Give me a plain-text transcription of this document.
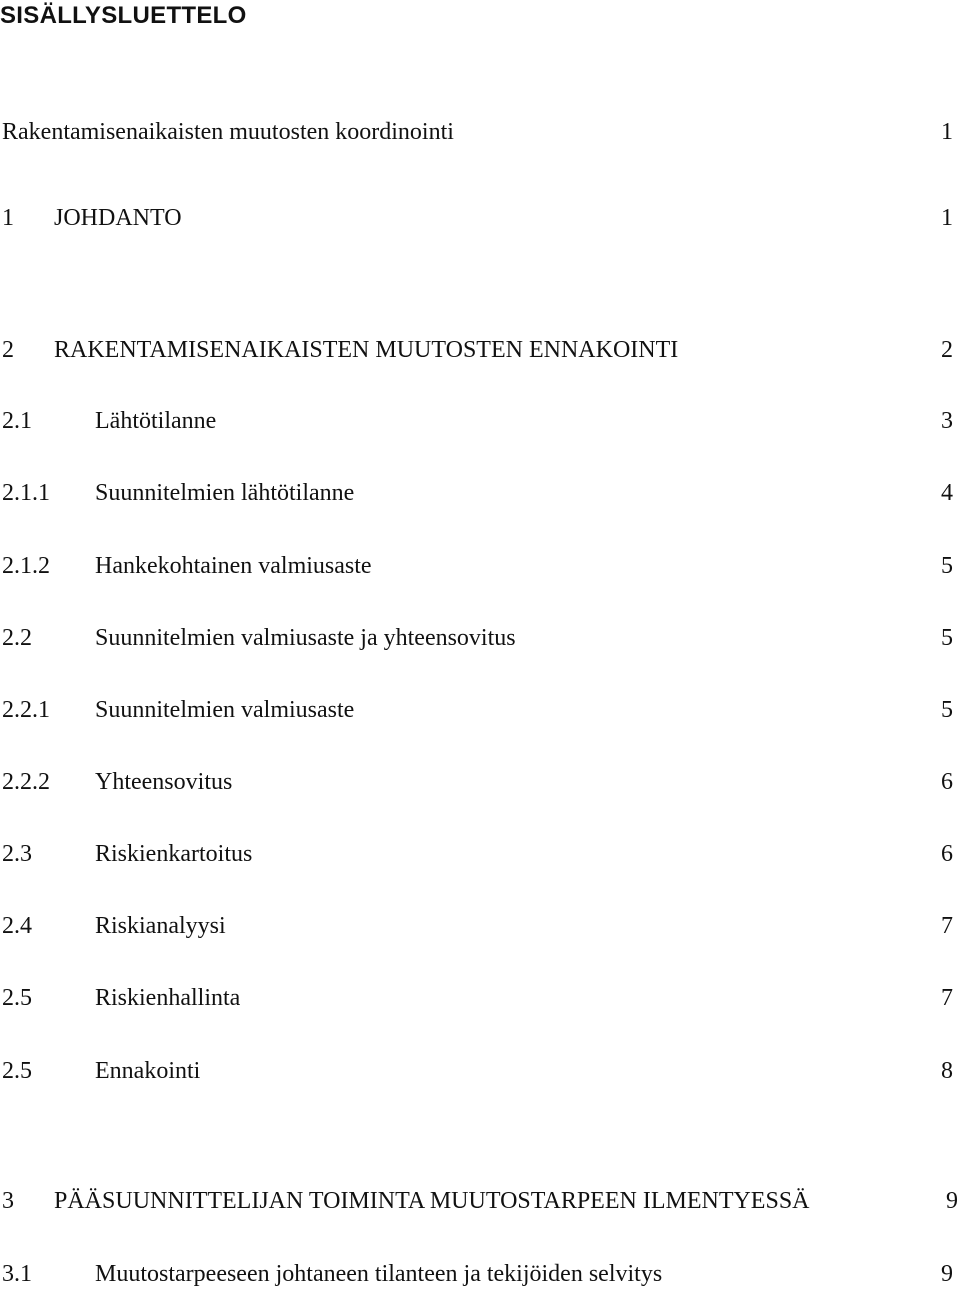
SISÄLLYSLUETTELO
Rakentamisenaikaisten muutosten koordinointi	1
1 JOHDANTO	1
2 RAKENTAMISENAIKAISTEN MUUTOSTEN ENNAKOINTI	2
2.1	Lähtötilanne	3
2.1.1 Suunnitelmien lähtötilanne	4
2.1.2 Hankekohtainen valmiusaste	5
2.2	Suunnitelmien valmiusaste ja yhteensovitus	5
2.2.1 Suunnitelmien valmiusaste	5
2.2.2 Yhteensovitus	6
2.3	Riskienkartoitus	6
2.4	Riskianalyysi	7
2.5	Riskienhallinta	7
2.5	Ennakointi	8
3 PÄÄSUUNNITTELIJAN TOIMINTA MUUTOSTARPEEN ILMENTYESSÄ	9
3.1	Muutostarpeeseen johtaneen tilanteen ja tekijöiden selvitys	9
